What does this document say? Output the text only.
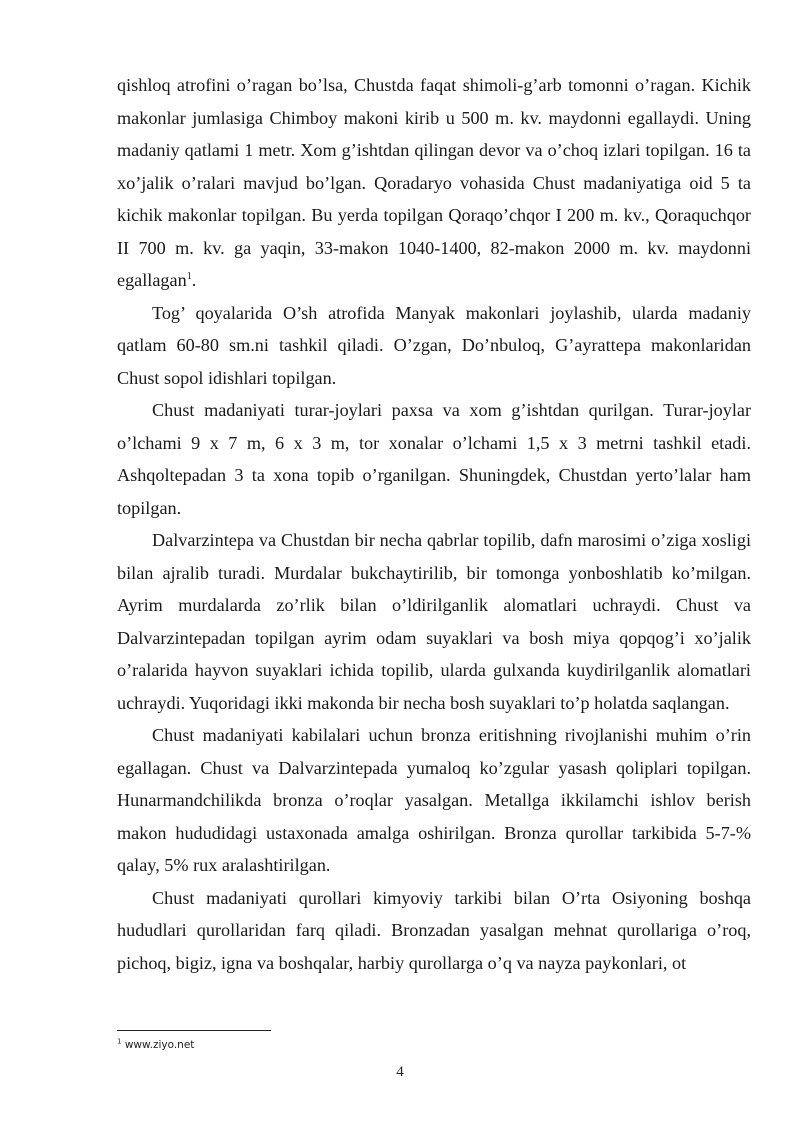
qishloq atrofini o’ragan bo’lsa, Chustda faqat shimoli-g’arb tomonni o’ragan. Kichik makonlar jumlasiga Chimboy makoni kirib u 500 m. kv. maydonni egallaydi. Uning madaniy qatlami 1 metr. Xom g’ishtdan qilingan devor va o’choq izlari topilgan. 16 ta xo’jalik o’ralari mavjud bo’lgan. Qoradaryo vohasida Chust madaniyatiga oid 5 ta kichik makonlar topilgan. Bu yerda topilgan Qoraqo’chqor I 200 m. kv., Qoraquchqor II 700 m. kv. ga yaqin, 33-makon 1040-1400, 82-makon 2000 m. kv. maydonni egallagan$^1$.

Tog’ qoyalarida O’sh atrofida Manyak makonlari joylashib, ularda madaniy qatlam 60-80 sm.ni tashkil qiladi. O’zgan, Do’nbuloq, G’ayrattepa makonlaridan Chust sopol idishlari topilgan.

Chust madaniyati turar-joylari paxsa va xom g’ishtdan qurilgan. Turar-joylar o’lchami 9 x 7 m, 6 x 3 m, tor xonalar o’lchami 1,5 x 3 metrni tashkil etadi. Ashqoltepadan 3 ta xona topib o’rganilgan. Shuningdek, Chustdan yerto’lalar ham topilgan.

Dalvarzintepa va Chustdan bir necha qabrlar topilib, dafn marosimi o’ziga xosligi bilan ajralib turadi. Murdalar bukchaytirilib, bir tomonga yonboshlatib ko’milgan. Ayrim murdalarda zo’rlik bilan o’ldirilganlik alomatlari uchraydi. Chust va Dalvarzintepadan topilgan ayrim odam suyaklari va bosh miya qopqog’i xo’jalik o’ralarida hayvon suyaklari ichida topilib, ularda gulxanda kuydirilganlik alomatlari uchraydi. Yuqoridagi ikki makonda bir necha bosh suyaklari to’p holatda saqlangan.

Chust madaniyati kabilalari uchun bronza eritishning rivojlanishi muhim o’rin egallagan. Chust va Dalvarzintepada yumaloq ko’zgular yasash qoliplari topilgan. Hunarmandchilikda bronza o’roqlar yasalgan. Metallga ikkilamchi ishlov berish makon hududidagi ustaxonada amalga oshirilgan. Bronza qurollar tarkibida 5-7-% qalay, 5% rux aralashtirilgan.

Chust madaniyati qurollari kimyoviy tarkibi bilan O’rta Osiyoning boshqa hududlari qurollaridan farq qiladi. Bronzadan yasalgan mehnat qurollariga o’roq, pichoq, bigiz, igna va boshqalar, harbiy qurollarga o’q va nayza paykonlari, ot

$^1$ www.ziyo.net
4
